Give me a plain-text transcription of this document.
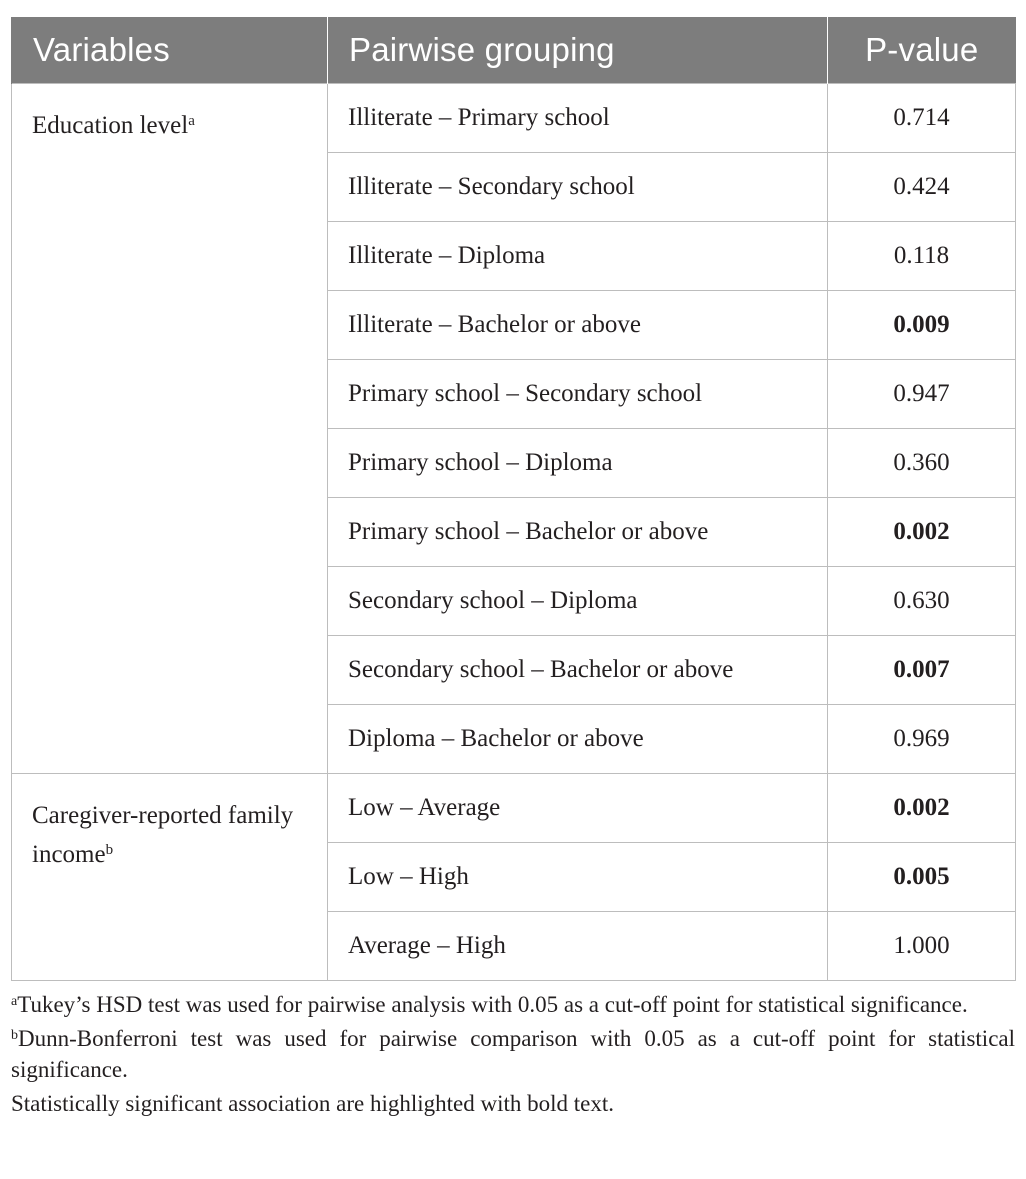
Variables	Pairwise grouping	P-value
Education level$^a$	Illiterate – Primary school	0.714
	Illiterate – Secondary school	0.424
	Illiterate – Diploma	0.118
	Illiterate – Bachelor or above	0.009
	Primary school – Secondary school	0.947
	Primary school – Diploma	0.360
	Primary school – Bachelor or above	0.002
	Secondary school – Diploma	0.630
	Secondary school – Bachelor or above	0.007
	Diploma – Bachelor or above	0.969
Caregiver-reported family income$^b$	Low – Average	0.002
	Low – High	0.005
	Average – High	1.000

$^a$Tukey’s HSD test was used for pairwise analysis with 0.05 as a cut-off point for statistical significance.

$^b$Dunn-Bonferroni test was used for pairwise comparison with 0.05 as a cut-off point for statistical significance.

Statistically significant association are highlighted with bold text.
